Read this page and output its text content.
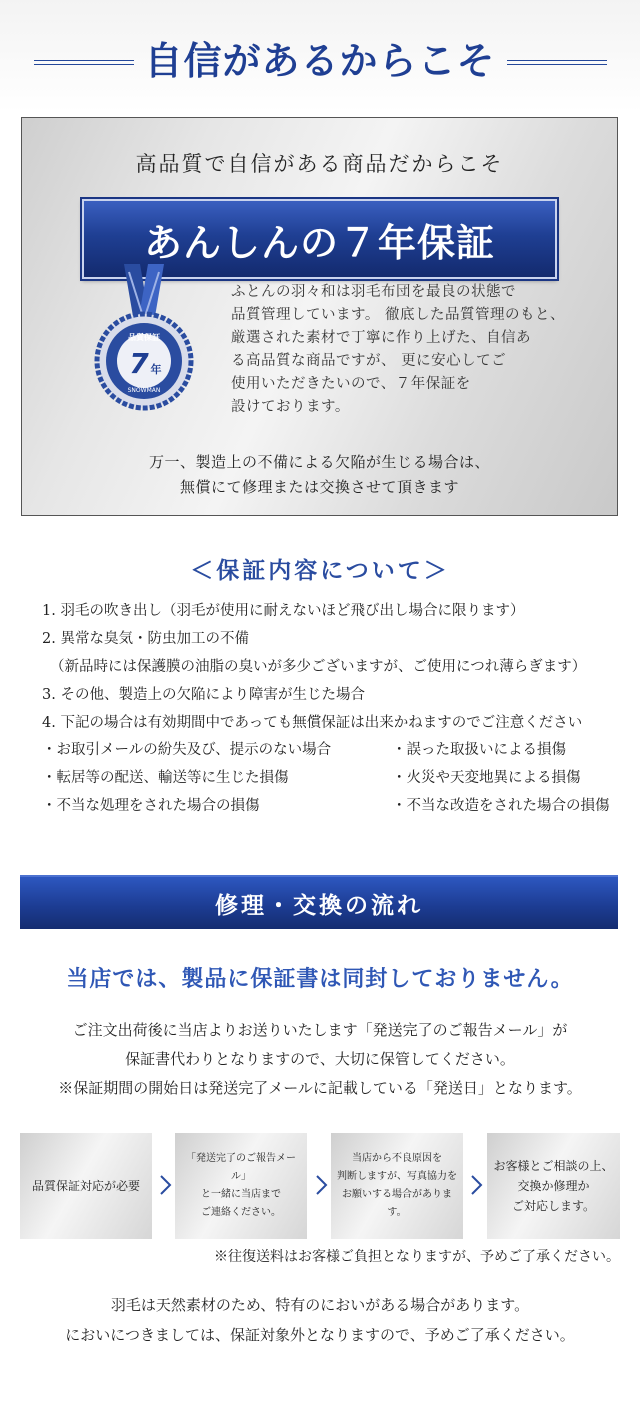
自信があるからこそ

高品質で自信がある商品だからこそ

あんしんの７年保証
品質保証
7 年
SNOWMAN
ふとんの羽々和は羽毛布団を最良の状態で
品質管理しています。 徹底した品質管理のもと、
厳選された素材で丁寧に作り上げた、自信あ
る高品質な商品ですが、 更に安心してご
使用いただきたいので、７年保証を
設けております。
万一、製造上の不備による欠陥が生じる場合は、
無償にて修理または交換させて頂きます
＜保証内容について＞
1. 羽毛の吹き出し（羽毛が使用に耐えないほど飛び出し場合に限ります）
2. 異常な臭気・防虫加工の不備
（新品時には保護膜の油脂の臭いが多少ございますが、ご使用につれ薄らぎます）
3. その他、製造上の欠陥により障害が生じた場合
4. 下記の場合は有効期間中であっても無償保証は出来かねますのでご注意ください
・お取引メールの紛失及び、提示のない場合	・誤った取扱いによる損傷
・転居等の配送、輸送等に生じた損傷	・火災や天変地異による損傷
・不当な処理をされた場合の損傷	・不当な改造をされた場合の損傷
修理・交換の流れ

当店では、製品に保証書は同封しておりません。

ご注文出荷後に当店よりお送りいたします「発送完了のご報告メール」が
保証書代わりとなりますので、大切に保管してください。
※保証期間の開始日は発送完了メールに記載している「発送日」となります。
品質保証対応が必要
「発送完了のご報告メール」
と一緒に当店まで
ご連絡ください。
当店から不良原因を
判断しますが、写真協力を
お願いする場合があります。
お客様とご相談の上、
交換か修理か
ご対応します。

※往復送料はお客様ご負担となりますが、予めご了承ください。

羽毛は天然素材のため、特有のにおいがある場合があります。
においにつきましては、保証対象外となりますので、予めご了承ください。
